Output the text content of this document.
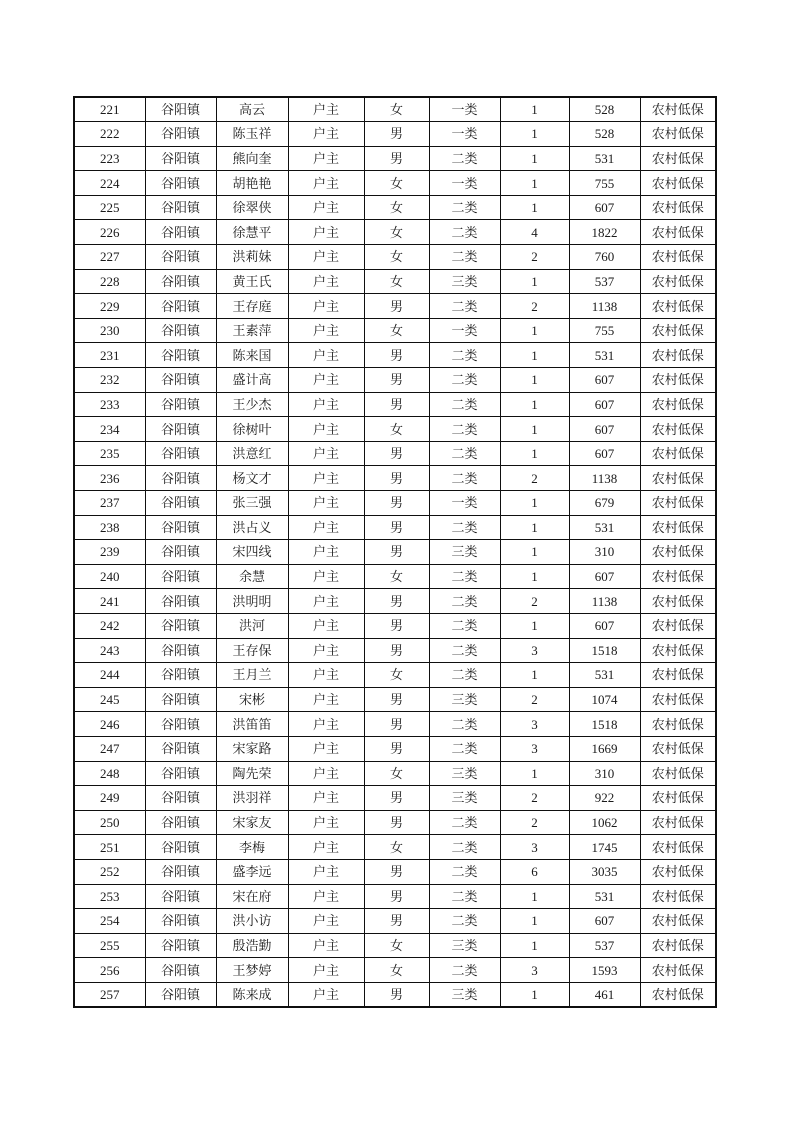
221	谷阳镇	高云	户主	女	一类	1	528	农村低保
222	谷阳镇	陈玉祥	户主	男	一类	1	528	农村低保
223	谷阳镇	熊向奎	户主	男	二类	1	531	农村低保
224	谷阳镇	胡艳艳	户主	女	一类	1	755	农村低保
225	谷阳镇	徐翠侠	户主	女	二类	1	607	农村低保
226	谷阳镇	徐慧平	户主	女	二类	4	1822	农村低保
227	谷阳镇	洪莉妹	户主	女	二类	2	760	农村低保
228	谷阳镇	黄王氏	户主	女	三类	1	537	农村低保
229	谷阳镇	王存庭	户主	男	二类	2	1138	农村低保
230	谷阳镇	王素萍	户主	女	一类	1	755	农村低保
231	谷阳镇	陈来国	户主	男	二类	1	531	农村低保
232	谷阳镇	盛计高	户主	男	二类	1	607	农村低保
233	谷阳镇	王少杰	户主	男	二类	1	607	农村低保
234	谷阳镇	徐树叶	户主	女	二类	1	607	农村低保
235	谷阳镇	洪意红	户主	男	二类	1	607	农村低保
236	谷阳镇	杨文才	户主	男	二类	2	1138	农村低保
237	谷阳镇	张三强	户主	男	一类	1	679	农村低保
238	谷阳镇	洪占义	户主	男	二类	1	531	农村低保
239	谷阳镇	宋四线	户主	男	三类	1	310	农村低保
240	谷阳镇	余慧	户主	女	二类	1	607	农村低保
241	谷阳镇	洪明明	户主	男	二类	2	1138	农村低保
242	谷阳镇	洪河	户主	男	二类	1	607	农村低保
243	谷阳镇	王存保	户主	男	二类	3	1518	农村低保
244	谷阳镇	王月兰	户主	女	二类	1	531	农村低保
245	谷阳镇	宋彬	户主	男	三类	2	1074	农村低保
246	谷阳镇	洪笛笛	户主	男	二类	3	1518	农村低保
247	谷阳镇	宋家路	户主	男	二类	3	1669	农村低保
248	谷阳镇	陶先荣	户主	女	三类	1	310	农村低保
249	谷阳镇	洪羽祥	户主	男	三类	2	922	农村低保
250	谷阳镇	宋家友	户主	男	二类	2	1062	农村低保
251	谷阳镇	李梅	户主	女	二类	3	1745	农村低保
252	谷阳镇	盛李远	户主	男	二类	6	3035	农村低保
253	谷阳镇	宋在府	户主	男	二类	1	531	农村低保
254	谷阳镇	洪小访	户主	男	二类	1	607	农村低保
255	谷阳镇	殷浩勤	户主	女	三类	1	537	农村低保
256	谷阳镇	王梦婷	户主	女	二类	3	1593	农村低保
257	谷阳镇	陈来成	户主	男	三类	1	461	农村低保
